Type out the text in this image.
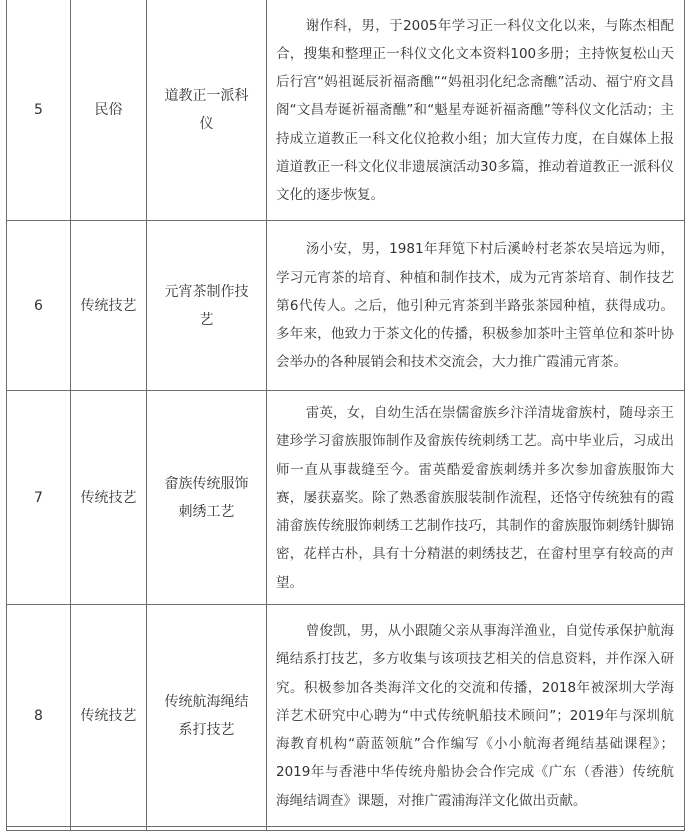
5	民俗	道教正一派科仪	谢作科，男，于2005年学习正一科仪文化以来，与陈杰相配合，搜集和整理正一科仪文化文本资料100多册；主持恢复松山天后行宫“妈祖诞辰祈福斋醮”“妈祖羽化纪念斋醮”活动、福宁府文昌阁“文昌寿诞祈福斋醮”和“魁星寿诞祈福斋醮”等科仪文化活动；主持成立道教正一科文化仪抢救小组；加大宣传力度，在自媒体上报道道教正一科文化仪非遗展演活动30多篇，推动着道教正一派科仪文化的逐步恢复。

6	传统技艺	元宵茶制作技艺	汤小安，男，1981年拜笕下村后溪岭村老茶农吴培远为师，学习元宵茶的培育、种植和制作技术，成为元宵茶培育、制作技艺第6代传人。之后，他引种元宵茶到半路张茶园种植，获得成功。多年来，他致力于茶文化的传播，积极参加茶叶主管单位和茶叶协会举办的各种展销会和技术交流会，大力推广霞浦元宵茶。

7	传统技艺	畲族传统服饰刺绣工艺	雷英，女，自幼生活在崇儒畲族乡汴洋清垅畲族村，随母亲王建珍学习畲族服饰制作及畲族传统刺绣工艺。高中毕业后，习成出师一直从事裁缝至今。雷英酷爱畲族刺绣并多次参加畲族服饰大赛，屡获嘉奖。除了熟悉畲族服装制作流程，还恪守传统独有的霞浦畲族传统服饰刺绣工艺制作技巧，其制作的畲族服饰刺绣针脚锦密，花样古朴，具有十分精湛的刺绣技艺，在畲村里享有较高的声望。

8	传统技艺	传统航海绳结系打技艺	曾俊凯，男，从小跟随父亲从事海洋渔业，自觉传承保护航海绳结系打技艺，多方收集与该项技艺相关的信息资料，并作深入研究。积极参加各类海洋文化的交流和传播，2018年被深圳大学海洋艺术研究中心聘为“中式传统帆船技术顾问”；2019年与深圳航海教育机构“蔚蓝领航”合作编写《小小航海者绳结基础课程》；2019年与香港中华传统舟船协会合作完成《广东（香港）传统航海绳结调查》课题，对推广霞浦海洋文化做出贡献。
